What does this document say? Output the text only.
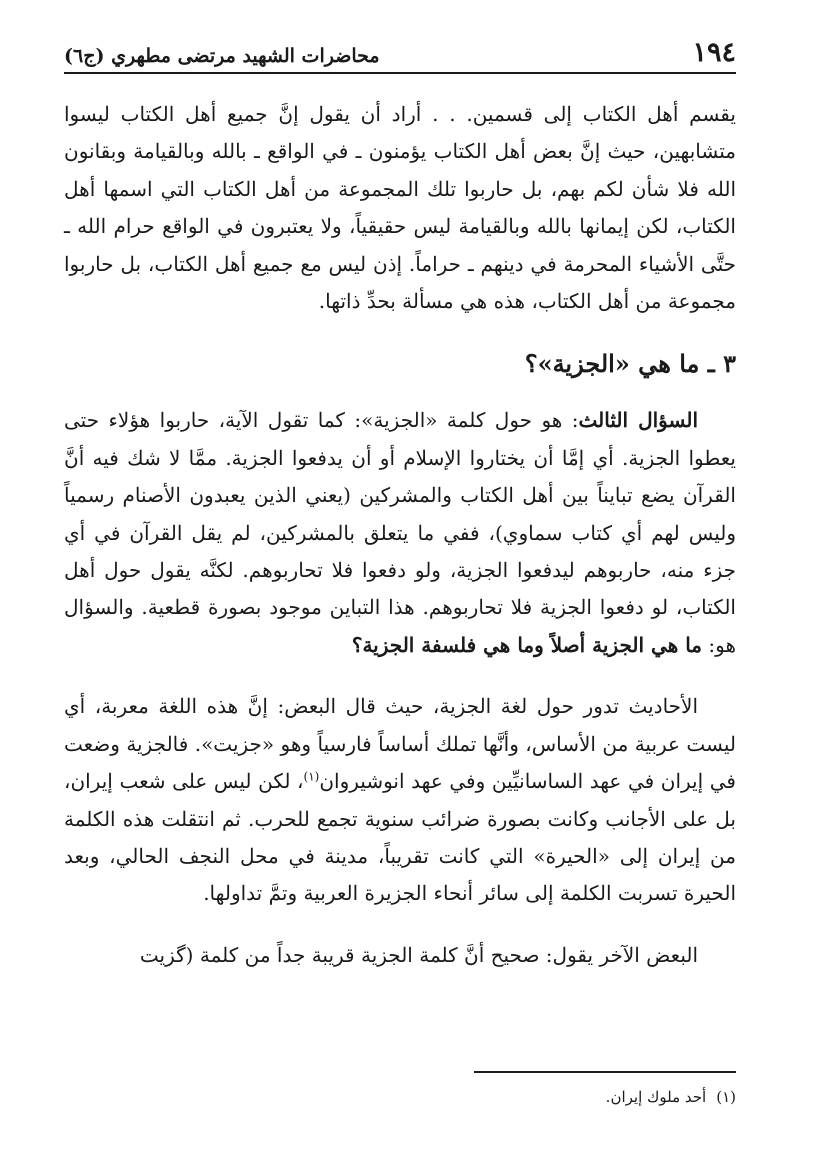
١٩٤
محاضرات الشهيد مرتضى مطهري (ج٦)

يقسم أهل الكتاب إلى قسمين. . . أراد أن يقول إنَّ جميع أهل الكتاب ليسوا متشابهين، حيث إنَّ بعض أهل الكتاب يؤمنون ـ في الواقع ـ بالله وبالقيامة وبقانون الله فلا شأن لكم بهم، بل حاربوا تلك المجموعة من أهل الكتاب التي اسمها أهل الكتاب، لكن إيمانها بالله وبالقيامة ليس حقيقياً، ولا يعتبرون في الواقع حرام الله ـ حتَّى الأشياء المحرمة في دينهم ـ حراماً. إذن ليس مع جميع أهل الكتاب، بل حاربوا مجموعة من أهل الكتاب، هذه هي مسألة بحدِّ ذاتها.

٣ ـ ما هي «الجزية»؟

السؤال الثالث: هو حول كلمة «الجزية»: كما تقول الآية، حاربوا هؤلاء حتى يعطوا الجزية. أي إمَّا أن يختاروا الإسلام أو أن يدفعوا الجزية. ممَّا لا شك فيه أنَّ القرآن يضع تبايناً بين أهل الكتاب والمشركين (يعني الذين يعبدون الأصنام رسمياً وليس لهم أي كتاب سماوي)، ففي ما يتعلق بالمشركين، لم يقل القرآن في أي جزء منه، حاربوهم ليدفعوا الجزية، ولو دفعوا فلا تحاربوهم. لكنَّه يقول حول أهل الكتاب، لو دفعوا الجزية فلا تحاربوهم. هذا التباين موجود بصورة قطعية. والسؤال هو: ما هي الجزية أصلاً وما هي فلسفة الجزية؟

الأحاديث تدور حول لغة الجزية، حيث قال البعض: إنَّ هذه اللغة معربة، أي ليست عربية من الأساس، وأنَّها تملك أساساً فارسياً وهو «جزيت». فالجزية وضعت في إيران في عهد الساسانيِّين وفي عهد انوشيروان$^{(١)}$، لكن ليس على شعب إيران، بل على الأجانب وكانت بصورة ضرائب سنوية تجمع للحرب. ثم انتقلت هذه الكلمة من إيران إلى «الحيرة» التي كانت تقريباً، مدينة في محل النجف الحالي، وبعد الحيرة تسربت الكلمة إلى سائر أنحاء الجزيرة العربية وتمَّ تداولها.

البعض الآخر يقول: صحيح أنَّ كلمة الجزية قريبة جداً من كلمة (گزيت

(١)أحد ملوك إيران.
